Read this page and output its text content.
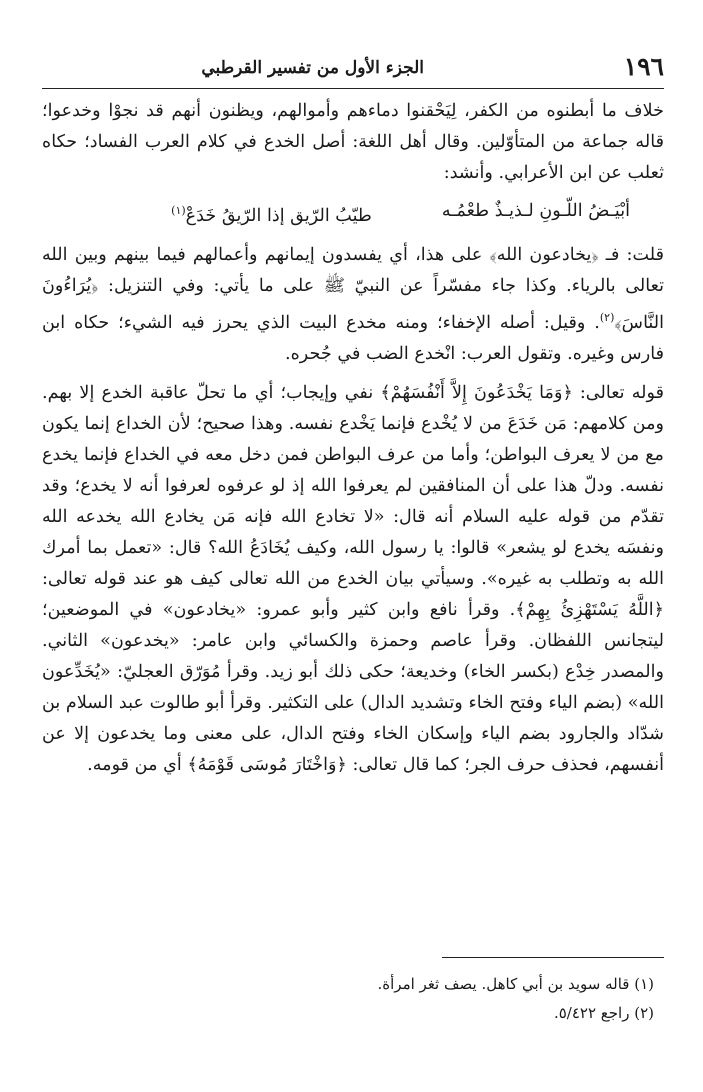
١٩٦
الجزء الأول من تفسير القرطبي

خلاف ما أبطنوه من الكفر، لِيَحْقنوا دماءهم وأموالهم، ويظنون أنهم قد نجوْا وخدعوا؛ قاله جماعة من المتأوّلين. وقال أهل اللغة: أصل الخدع في كلام العرب الفساد؛ حكاه ثعلب عن ابن الأعرابي. وأنشد:

أبْيَـضُ اللّـونِ لـذيـذٌ طعْمُـه
طيّبُ الرّيق إذا الرّيقُ خَدَعْ$^{(١)}$

قلت: فـ ﴿يخادعون الله﴾ على هذا، أي يفسدون إيمانهم وأعمالهم فيما بينهم وبين الله تعالى بالرياء. وكذا جاء مفسّراً عن النبيّ ﷺ على ما يأتي: وفي التنزيل: ﴿يُرَاءُونَ النَّاسَ﴾$^{(٢)}$. وقيل: أصله الإخفاء؛ ومنه مخدع البيت الذي يحرز فيه الشيء؛ حكاه ابن فارس وغيره. وتقول العرب: انْخدع الضب في جُحره.

قوله تعالى: ﴿وَمَا يَخْدَعُونَ إِلاَّ أَنْفُسَهُمْ﴾ نفي وإيجاب؛ أي ما تحلّ عاقبة الخدع إلا بهم. ومن كلامهم: مَن خَدَعَ من لا يُخْدع فإنما يَخْدع نفسه. وهذا صحيح؛ لأن الخداع إنما يكون مع من لا يعرف البواطن؛ وأما من عرف البواطن فمن دخل معه في الخداع فإنما يخدع نفسه. ودلّ هذا على أن المنافقين لم يعرفوا الله إذ لو عرفوه لعرفوا أنه لا يخدع؛ وقد تقدّم من قوله عليه السلام أنه قال: «لا تخادع الله فإنه مَن يخادع الله يخدعه الله ونفسَه يخدع لو يشعر» قالوا: يا رسول الله، وكيف يُخَادَعُ الله؟ قال: «تعمل بما أمرك الله به وتطلب به غيره». وسيأتي بيان الخدع من الله تعالى كيف هو عند قوله تعالى: ﴿اللَّهُ يَسْتَهْزِئُ بِهِمْ﴾. وقرأ نافع وابن كثير وأبو عمرو: «يخادعون» في الموضعين؛ ليتجانس اللفظان. وقرأ عاصم وحمزة والكسائي وابن عامر: «يخدعون» الثاني. والمصدر خِدْع (بكسر الخاء) وخديعة؛ حكى ذلك أبو زيد. وقرأ مُوَرّق العجليّ: «يُخَدِّعون الله» (بضم الياء وفتح الخاء وتشديد الدال) على التكثير. وقرأ أبو طالوت عبد السلام بن شدّاد والجارود بضم الياء وإسكان الخاء وفتح الدال، على معنى وما يخدعون إلا عن أنفسهم، فحذف حرف الجر؛ كما قال تعالى: ﴿وَاخْتَارَ مُوسَى قَوْمَهُ﴾ أي من قومه.

(١) قاله سويد بن أبي كاهل. يصف ثغر امرأة.
(٢) راجع ٥/٤٢٢.
